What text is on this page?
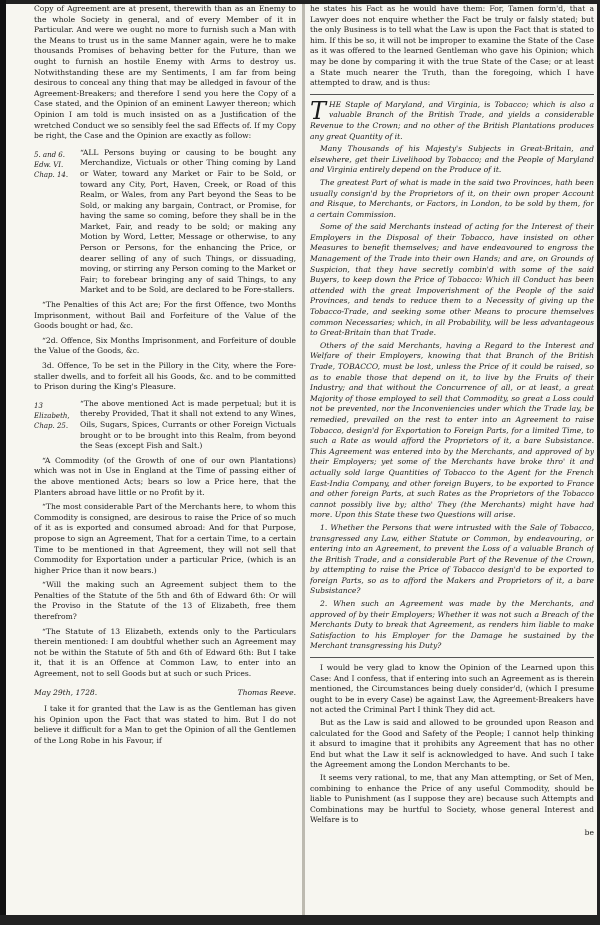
Copy of Agreement are at present, therewith than as an Enemy to the whole Society in general, and of every Member of it in Particular. And were we ought no more to furnish such a Man with the Means to trust us in the same Manner again, were he to make thousands Promises of behaving better for the Future, than we ought to furnish an hostile Enemy with Arms to destroy us. Notwithstanding these are my Sentiments, I am far from being desirous to conceal any thing that may be alledged in favour of the Agreement-Breakers; and therefore I send you here the Copy of a Case stated, and the Opinion of an eminent Lawyer thereon; which Opinion I am told is much insisted on as a Justification of the wretched Conduct we so sensibly feel the sad Effects of. If my Copy be right, the Case and the Opinion are exactly as follow:

5. and 6. Edw. VI. Chap. 14.
“ALL Persons buying or causing to be bought any Merchandize, Victuals or other Thing coming by Land or Water, toward any Market or Fair to be Sold, or toward any City, Port, Haven, Creek, or Road of this Realm, or Wales, from any Part beyond the Seas to be Sold, or making any bargain, Contract, or Promise, for having the same so coming, before they shall be in the Market, Fair, and ready to be sold; or making any Motion by Word, Letter, Message or otherwise, to any Person or Persons, for the enhancing the Price, or dearer selling of any of such Things, or dissuading, moving, or stirring any Person coming to the Market or Fair; to forebear bringing any of said Things, to any Market and to be Sold, are declared to be Fore-stallers.

“The Penalties of this Act are; For the first Offence, two Months Imprisonment, without Bail and Forfeiture of the Value of the Goods bought or had, &c.

“2d. Offence, Six Months Imprisonment, and Forfeiture of double the Value of the Goods, &c.

3d. Offence, To be set in the Pillory in the City, where the Fore-staller dwells, and to forfeit all his Goods, &c. and to be committed to Prison during the King's Pleasure.

13 Elizabeth, Chap. 25.
“The above mentioned Act is made perpetual; but it is thereby Provided, That it shall not extend to any Wines, Oils, Sugars, Spices, Currants or other Foreign Victuals brought or to be brought into this Realm, from beyond the Seas (except Fish and Salt.)

“A Commodity (of the Growth of one of our own Plantations) which was not in Use in England at the Time of passing either of the above mentioned Acts; bears so low a Price here, that the Planters abroad have little or no Profit by it.

“The most considerable Part of the Merchants here, to whom this Commodity is consigned, are desirous to raise the Price of so much of it as is exported and consumed abroad: And for that Purpose, propose to sign an Agreement, That for a certain Time, to a certain Time to be mentioned in that Agreement, they will not sell that Commodity for Exportation under a particular Price, (which is an higher Price than it now bears.)

“Will the making such an Agreement subject them to the Penalties of the Statute of the 5th and 6th of Edward 6th: Or will the Proviso in the Statute of the 13 of Elizabeth, free them therefrom?

“The Statute of 13 Elizabeth, extends only to the Particulars therein mentioned: I am doubtful whether such an Agreement may not be within the Statute of 5th and 6th of Edward 6th: But I take it, that it is an Offence at Common Law, to enter into an Agreement, not to sell Goods but at such or such Prices.

May 29th, 1728.	Thomas Reeve.

I take it for granted that the Law is as the Gentleman has given his Opinion upon the Fact that was stated to him. But I do not believe it difficult for a Man to get the Opinion of all the Gentlemen of the Long Robe in his Favour, if

he states his Fact as he would have them: For, Tamen form'd, that a Lawyer does not enquire whether the Fact be truly or falsly stated; but the only Business is to tell what the Law is upon the Fact that is stated to him. If this be so, it will not be improper to examine the State of the Case as it was offered to the learned Gentleman who gave his Opinion; which may be done by comparing it with the true State of the Case; or at least a State much nearer the Truth, than the foregoing, which I have attempted to draw, and is thus:

THE Staple of Maryland, and Virginia, is Tobacco; which is also a valuable Branch of the British Trade, and yields a considerable Revenue to the Crown; and no other of the British Plantations produces any great Quantity of it.

Many Thousands of his Majesty's Subjects in Great-Britain, and elsewhere, get their Livelihood by Tobacco; and the People of Maryland and Virginia entirely depend on the Produce of it.

The greatest Part of what is made in the said two Provinces, hath been usually consign'd by the Proprietors of it, on their own proper Account and Risque, to Merchants, or Factors, in London, to be sold by them, for a certain Commission.

Some of the said Merchants instead of acting for the Interest of their Employers in the Disposal of their Tobacco, have insisted on other Measures to benefit themselves; and have endeavoured to engross the Management of the Trade into their own Hands; and are, on Grounds of Suspicion, that they have secretly combin'd with some of the said Buyers, to keep down the Price of Tobacco: Which ill Conduct has been attended with the great Impoverishment of the People of the said Provinces, and tends to reduce them to a Necessity of giving up the Tobacco-Trade, and seeking some other Means to procure themselves common Necessaries; which, in all Probability, will be less advantageous to Great-Britain than that Trade.

Others of the said Merchants, having a Regard to the Interest and Welfare of their Employers, knowing that that Branch of the British Trade, TOBACCO, must be lost, unless the Price of it could be raised, so as to enable those that depend on it, to live by the Fruits of their Industry; and that without the Concurrence of all, or at least, a great Majority of those employed to sell that Commodity, so great a Loss could not be prevented, nor the Inconveniencies under which the Trade lay, be remedied, prevailed on the rest to enter into an Agreement to raise Tobacco, design'd for Exportation to Foreign Parts, for a limited Time, to such a Rate as would afford the Proprietors of it, a bare Subsistance. This Agreement was entered into by the Merchants, and approved of by their Employers; yet some of the Merchants have broke thro' it and actually sold large Quantities of Tobacco to the Agent for the French East-India Company, and other foreign Buyers, to be exported to France and other foreign Parts, at such Rates as the Proprietors of the Tobacco cannot possibly live by; altho' They (the Merchants) might have had more. Upon this State these two Questions will arise.

1. Whether the Persons that were intrusted with the Sale of Tobacco, transgressed any Law, either Statute or Common, by endeavouring, or entering into an Agreement, to prevent the Loss of a valuable Branch of the British Trade, and a considerable Part of the Revenue of the Crown, by attempting to raise the Price of Tobacco design'd to be exported to foreign Parts, so as to afford the Makers and Proprietors of it, a bare Subsistance?

2. When such an Agreement was made by the Merchants, and approved of by their Employers; Whether it was not such a Breach of the Merchants Duty to break that Agreement, as renders him liable to make Satisfaction to his Employer for the Damage he sustained by the Merchant transgressing his Duty?

I would be very glad to know the Opinion of the Learned upon this Case: And I confess, that if entering into such an Agreement as is therein mentioned, the Circumstances being duely consider'd, (which I presume ought to be in every Case) be against Law, the Agreement-Breakers have not acted the Criminal Part I think They did act.

But as the Law is said and allowed to be grounded upon Reason and calculated for the Good and Safety of the People; I cannot help thinking it absurd to imagine that it prohibits any Agreement that has no other End but what the Law it self is acknowledged to have. And such I take the Agreement among the London Merchants to be.

It seems very rational, to me, that any Man attempting, or Set of Men, combining to enhance the Price of any useful Commodity, should be liable to Punishment (as I suppose they are) because such Attempts and Combinations may be hurtful to Society, whose general Interest and Welfare is to

be
